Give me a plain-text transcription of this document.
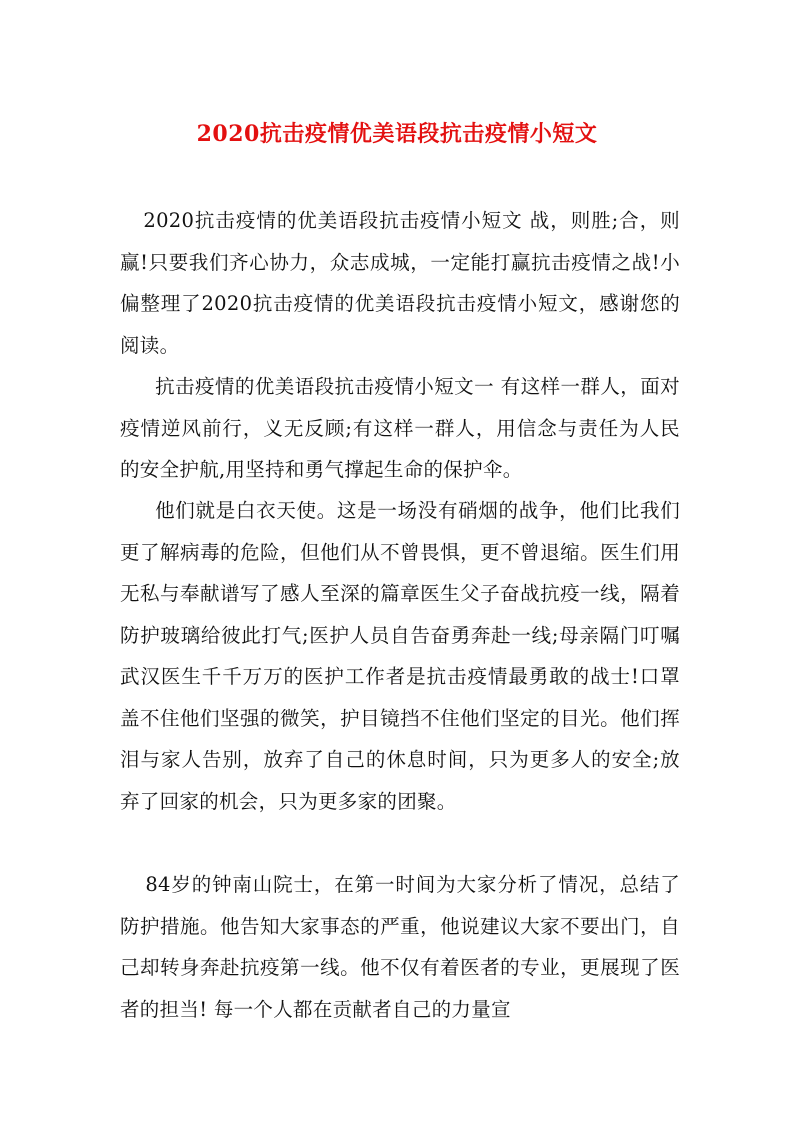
2020抗击疫情优美语段抗击疫情小短文

2020抗击疫情的优美语段抗击疫情小短文 战，则胜;合，则赢!只要我们齐心协力，众志成城，一定能打赢抗击疫情之战!小偏整理了2020抗击疫情的优美语段抗击疫情小短文，感谢您的阅读。

抗击疫情的优美语段抗击疫情小短文一 有这样一群人，面对疫情逆风前行，义无反顾;有这样一群人，用信念与责任为人民的安全护航,用坚持和勇气撑起生命的保护伞。

他们就是白衣天使。这是一场没有硝烟的战争，他们比我们更了解病毒的危险，但他们从不曾畏惧，更不曾退缩。医生们用无私与奉献谱写了感人至深的篇章医生父子奋战抗疫一线，隔着防护玻璃给彼此打气;医护人员自告奋勇奔赴一线;母亲隔门叮嘱武汉医生千千万万的医护工作者是抗击疫情最勇敢的战士!口罩盖不住他们坚强的微笑，护目镜挡不住他们坚定的目光。他们挥泪与家人告别，放弃了自己的休息时间，只为更多人的安全;放弃了回家的机会，只为更多家的团聚。

84岁的钟南山院士，在第一时间为大家分析了情况，总结了防护措施。他告知大家事态的严重，他说建议大家不要出门，自己却转身奔赴抗疫第一线。他不仅有着医者的专业，更展现了医者的担当! 每一个人都在贡献者自己的力量宣
